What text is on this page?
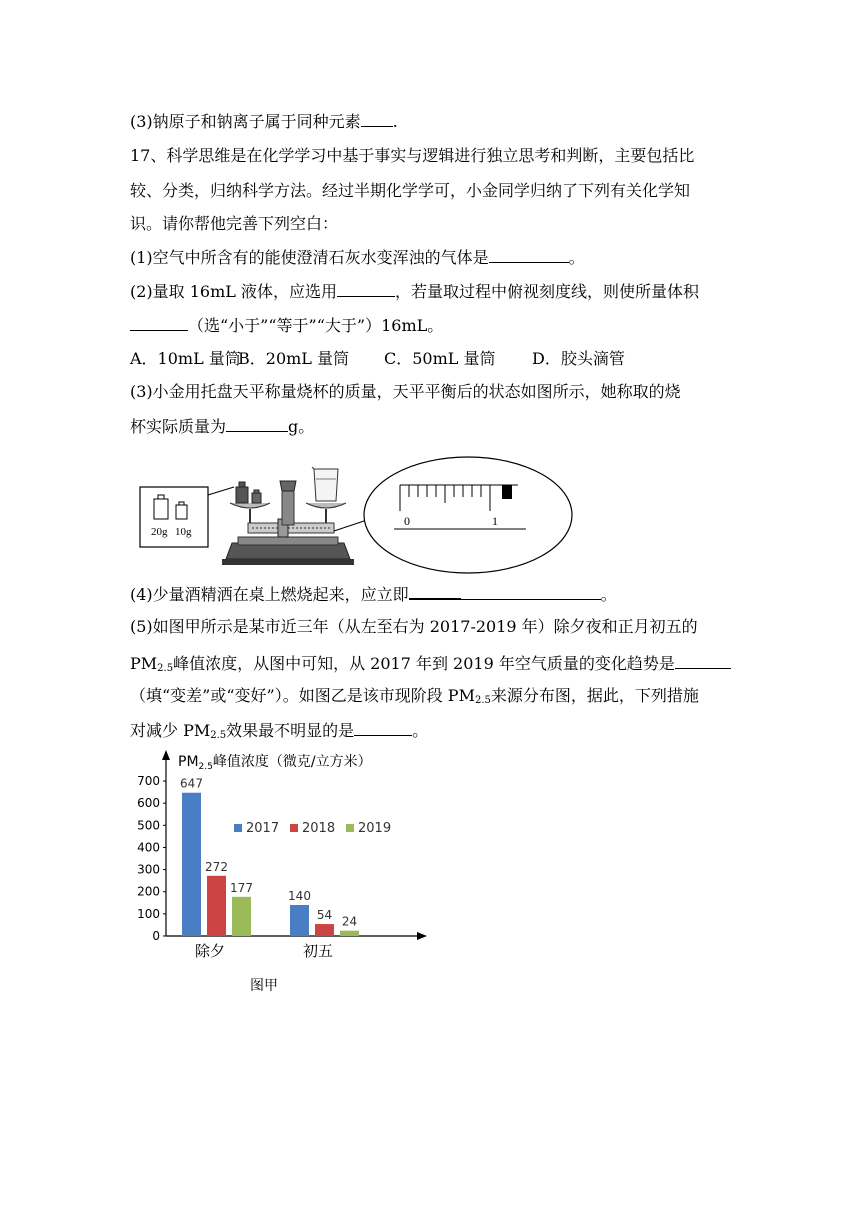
(3)钠原子和钠离子属于同种元素 .
17、科学思维是在化学学习中基于事实与逻辑进行独立思考和判断，主要包括比
较、分类，归纳科学方法。经过半期化学学可，小金同学归纳了下列有关化学知
识。请你帮他完善下列空白：
(1)空气中所含有的能使澄清石灰水变浑浊的气体是	。
(2)量取 16mL 液体，应选用	，若量取过程中俯视刻度线，则使所量体积
（选“小于”“等于”“大于”）16mL。
A．10mL 量筒B．20mL 量筒 C．50mL 量筒 D．胶头滴管
(3)小金用托盘天平称量烧杯的质量，天平平衡后的状态如图所示，她称取的烧
杯实际质量为	g。
20g 10g
0	1
(4)少量酒精洒在桌上燃烧起来，应立即	。
(5)如图甲所示是某市近三年（从左至右为 2017-2019 年）除夕夜和正月初五的
$PM_{2.5}$峰值浓度，从图中可知，从 2017 年到 2019 年空气质量的变化趋势是
（填“变差”或“变好”）。如图乙是该市现阶段 $PM_{2.5}$来源分布图，据此，下列措施
对减少 $PM_{2.5}$效果最不明显的是	。
$PM_{2.5}$峰值浓度（微克/立方米）
0
100
200
300
400
500
600
700 647
272
177
除夕
140
54 24
初五
2017 2018 2019
图甲
